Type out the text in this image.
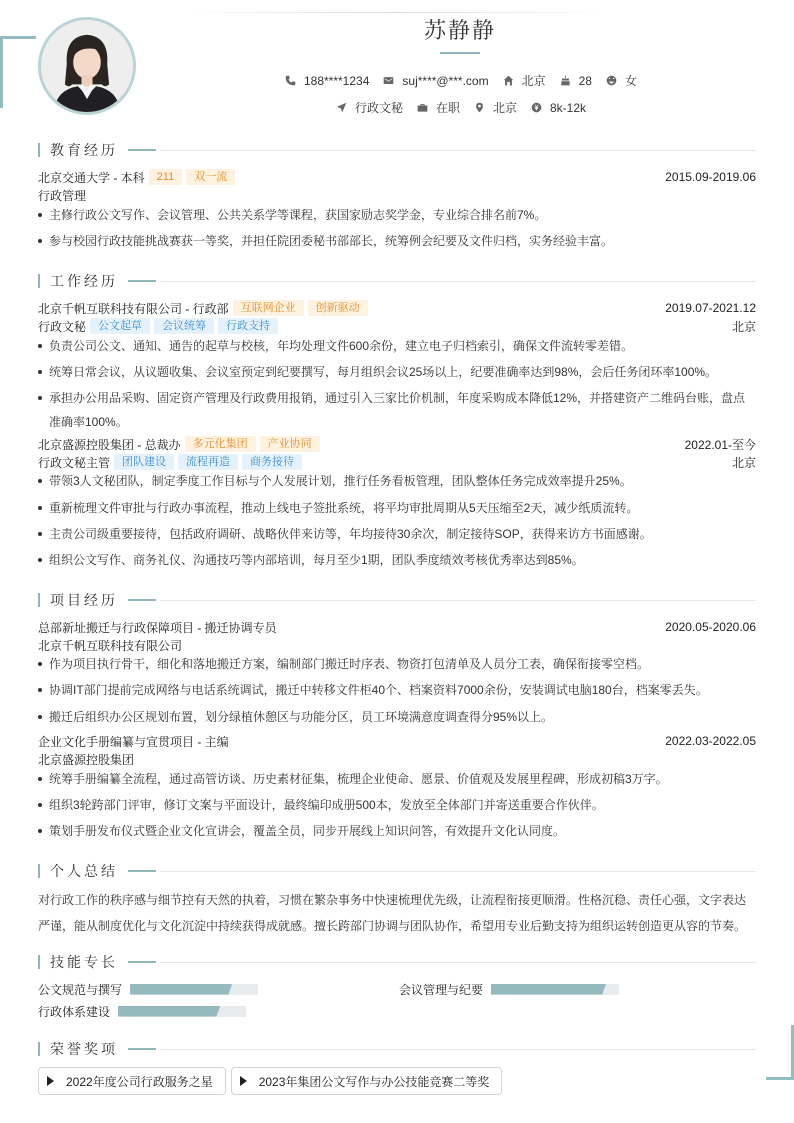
苏静静
188****1234	suj****@***.com	北京	28	女
行政文秘	在职	北京	8k-12k
教育经历
北京交通大学 - 本科	211	双一流	2015.09-2019.06
行政管理
主修行政公文写作、会议管理、公共关系学等课程，获国家励志奖学金，专业综合排名前7%。
参与校园行政技能挑战赛获一等奖，并担任院团委秘书部部长，统筹例会纪要及文件归档，实务经验丰富。
工作经历
北京千帆互联科技有限公司 - 行政部	互联网企业	创新驱动	2019.07-2021.12
行政文秘	公文起草	会议统筹	行政支持	北京
负责公司公文、通知、通告的起草与校核，年均处理文件600余份，建立电子归档索引，确保文件流转零差错。
统筹日常会议，从议题收集、会议室预定到纪要撰写，每月组织会议25场以上，纪要准确率达到98%，会后任务闭环率100%。
承担办公用品采购、固定资产管理及行政费用报销，通过引入三家比价机制，年度采购成本降低12%，并搭建资产二维码台账，盘点准确率100%。
北京盛源控股集团 - 总裁办	多元化集团	产业协同	2022.01-至今
行政文秘主管	团队建设	流程再造	商务接待	北京
带领3人文秘团队，制定季度工作目标与个人发展计划，推行任务看板管理，团队整体任务完成效率提升25%。
重新梳理文件审批与行政办事流程，推动上线电子签批系统，将平均审批周期从5天压缩至2天，减少纸质流转。
主责公司级重要接待，包括政府调研、战略伙伴来访等，年均接待30余次，制定接待SOP，获得来访方书面感谢。
组织公文写作、商务礼仪、沟通技巧等内部培训，每月至少1期，团队季度绩效考核优秀率达到85%。
项目经历
总部新址搬迁与行政保障项目 - 搬迁协调专员	2020.05-2020.06
北京千帆互联科技有限公司
作为项目执行骨干，细化和落地搬迁方案，编制部门搬迁时序表、物资打包清单及人员分工表，确保衔接零空档。
协调IT部门提前完成网络与电话系统调试，搬迁中转移文件柜40个、档案资料7000余份，安装调试电脑180台，档案零丢失。
搬迁后组织办公区规划布置，划分绿植休憩区与功能分区，员工环境满意度调查得分95%以上。
企业文化手册编纂与宣贯项目 - 主编	2022.03-2022.05
北京盛源控股集团
统筹手册编纂全流程，通过高管访谈、历史素材征集，梳理企业使命、愿景、价值观及发展里程碑，形成初稿3万字。
组织3轮跨部门评审，修订文案与平面设计，最终编印成册500本，发放至全体部门并寄送重要合作伙伴。
策划手册发布仪式暨企业文化宣讲会，覆盖全员，同步开展线上知识问答，有效提升文化认同度。
个人总结
对行政工作的秩序感与细节控有天然的执着，习惯在繁杂事务中快速梳理优先级，让流程衔接更顺滑。性格沉稳、责任心强，文字表达严谨，能从制度优化与文化沉淀中持续获得成就感。擅长跨部门协调与团队协作，希望用专业后勤支持为组织运转创造更从容的节奏。
技能专长
公文规范与撰写	会议管理与纪要
行政体系建设
荣誉奖项
2022年度公司行政服务之星	2023年集团公文写作与办公技能竞赛二等奖
